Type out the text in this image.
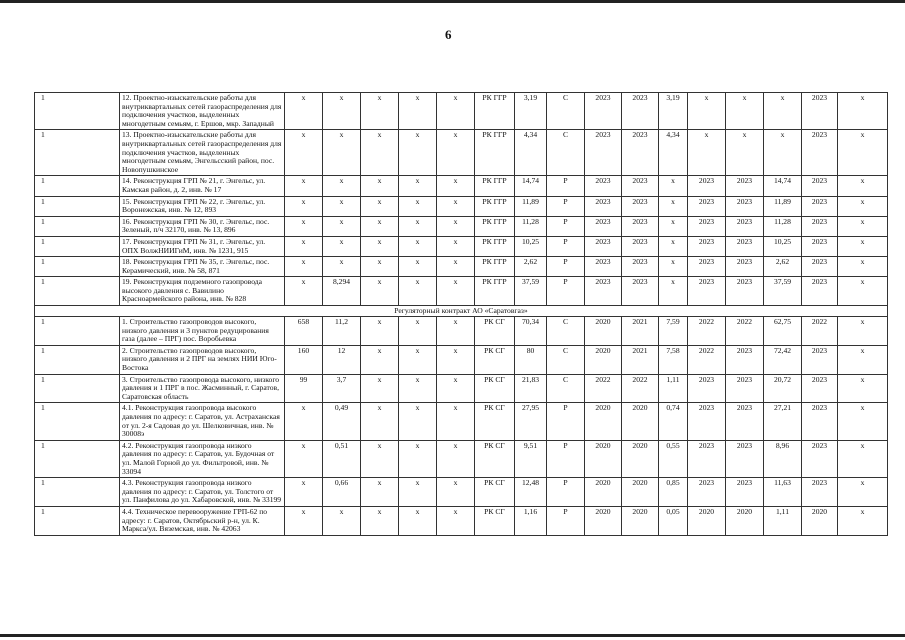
6
1	12. Проектно-изыскательские работы для внутриквартальных сетей газораспределения для подключения участков, выделенных многодетным семьям, г. Ершов, мкр. Западный	x	x	x	x	x	РК ГГР	3,19	С	2023	2023	3,19	x	x	x	2023	x
1	13. Проектно-изыскательские работы для внутриквартальных сетей газораспределения для подключения участков, выделенных многодетным семьям, Энгельсский район, пос. Новопушкинское	x	x	x	x	x	РК ГГР	4,34	С	2023	2023	4,34	x	x	x	2023	x
1	14. Реконструкция ГРП № 21, г. Энгельс, ул. Камская район, д. 2, инв. № 17	x	x	x	x	x	РК ГГР	14,74	Р	2023	2023	x	2023	2023	14,74	2023	x
1	15. Реконструкция ГРП № 22, г. Энгельс, ул. Воронежская, инв. № 12, 893	x	x	x	x	x	РК ГГР	11,89	Р	2023	2023	x	2023	2023	11,89	2023	x
1	16. Реконструкция ГРП № 30, г. Энгельс, пос. Зеленый, п/ч 32170, инв. № 13, 896	x	x	x	x	x	РК ГГР	11,28	Р	2023	2023	x	2023	2023	11,28	2023	x
1	17. Реконструкция ГРП № 31, г. Энгельс, ул. ОПХ ВолжНИИГиМ, инв. № 1231, 915	x	x	x	x	x	РК ГГР	10,25	Р	2023	2023	x	2023	2023	10,25	2023	x
1	18. Реконструкция ГРП № 35, г. Энгельс, пос. Керамический, инв. № 58, 871	x	x	x	x	x	РК ГГР	2,62	Р	2023	2023	x	2023	2023	2,62	2023	x
1	19. Реконструкция подземного газопровода высокого давления с. Вавилино Красноармейского района, инв. № 828	x	8,294	x	x	x	РК ГГР	37,59	Р	2023	2023	x	2023	2023	37,59	2023	x
Регуляторный контракт АО «Саратовгаз»																	
1	1. Строительство газопроводов высокого, низкого давления и 3 пунктов редуцирования газа (далее – ПРГ) пос. Воробьевка	658	11,2	x	x	x	РК СГ	70,34	С	2020	2021	7,59	2022	2022	62,75	2022	x
1	2. Строительство газопроводов высокого, низкого давления и 2 ПРГ на землях НИИ Юго-Востока	160	12	x	x	x	РК СГ	80	С	2020	2021	7,58	2022	2023	72,42	2023	x
1	3. Строительство газопровода высокого, низкого давления и 1 ПРГ в пос. Жасминный, г. Саратов, Саратовская область	99	3,7	x	x	x	РК СГ	21,83	С	2022	2022	1,11	2023	2023	20,72	2023	x
1	4.1. Реконструкция газопровода высокого давления по адресу: г. Саратов, ул. Астраханская от ул. 2-я Садовая до ул. Шелковичная, инв. № 30008э	x	0,49	x	x	x	РК СГ	27,95	Р	2020	2020	0,74	2023	2023	27,21	2023	x
1	4.2. Реконструкция газопровода низкого давления по адресу: г. Саратов, ул. Будочная от ул. Малой Горной до ул. Фильтровой, инв. № 33094	x	0,51	x	x	x	РК СГ	9,51	Р	2020	2020	0,55	2023	2023	8,96	2023	x
1	4.3. Реконструкция газопровода низкого давления по адресу: г. Саратов, ул. Толстого от ул. Панфилова до ул. Хабаровской, инв. № 33199	x	0,66	x	x	x	РК СГ	12,48	Р	2020	2020	0,85	2023	2023	11,63	2023	x
1	4.4. Техническое перевооружение ГРП-62 по адресу: г. Саратов, Октябрьский р-н, ул. К. Маркса/ул. Вяземская, инв. № 42063	x	x	x	x	x	РК СГ	1,16	Р	2020	2020	0,05	2020	2020	1,11	2020	x
